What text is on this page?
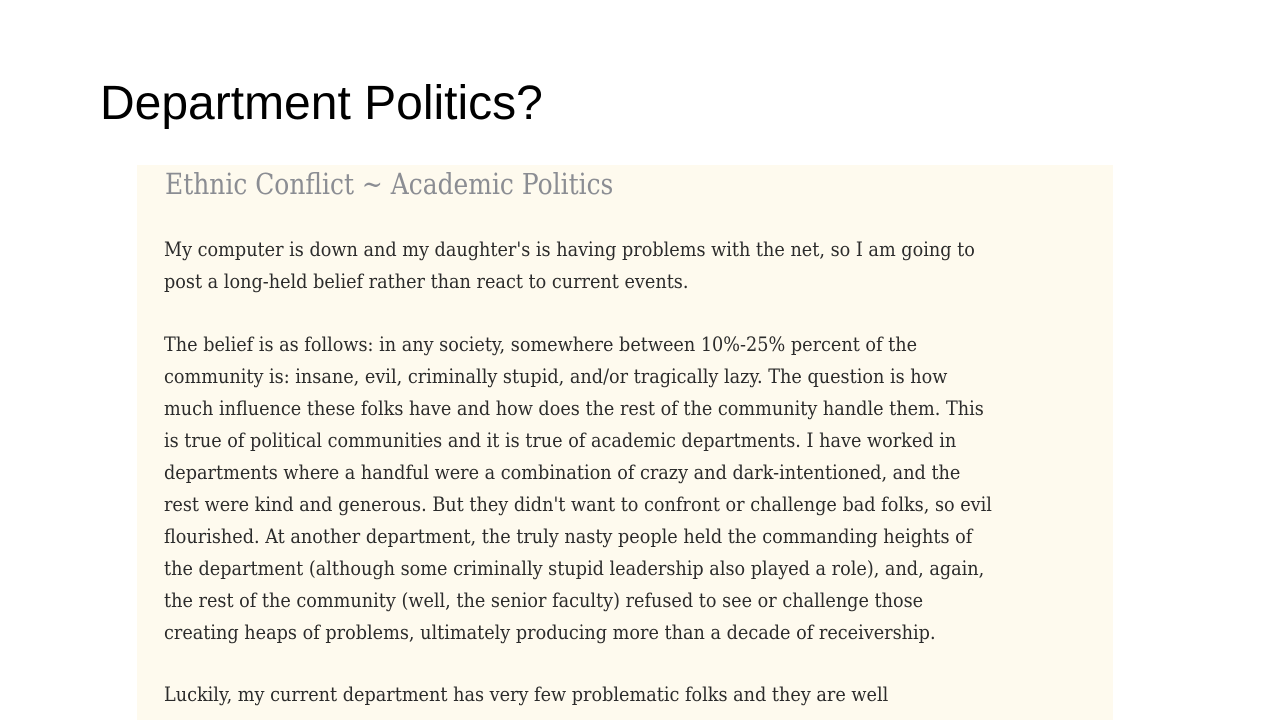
Department Politics?
Ethnic Conflict ~ Academic Politics

My computer is down and my daughter's is having problems with the net, so I am going to
post a long-held belief rather than react to current events.

The belief is as follows: in any society, somewhere between 10%-25% percent of the
community is: insane, evil, criminally stupid, and/or tragically lazy. The question is how
much influence these folks have and how does the rest of the community handle them. This
is true of political communities and it is true of academic departments. I have worked in
departments where a handful were a combination of crazy and dark-intentioned, and the
rest were kind and generous. But they didn't want to confront or challenge bad folks, so evil
flourished. At another department, the truly nasty people held the commanding heights of
the department (although some criminally stupid leadership also played a role), and, again,
the rest of the community (well, the senior faculty) refused to see or challenge those
creating heaps of problems, ultimately producing more than a decade of receivership.

Luckily, my current department has very few problematic folks and they are well
